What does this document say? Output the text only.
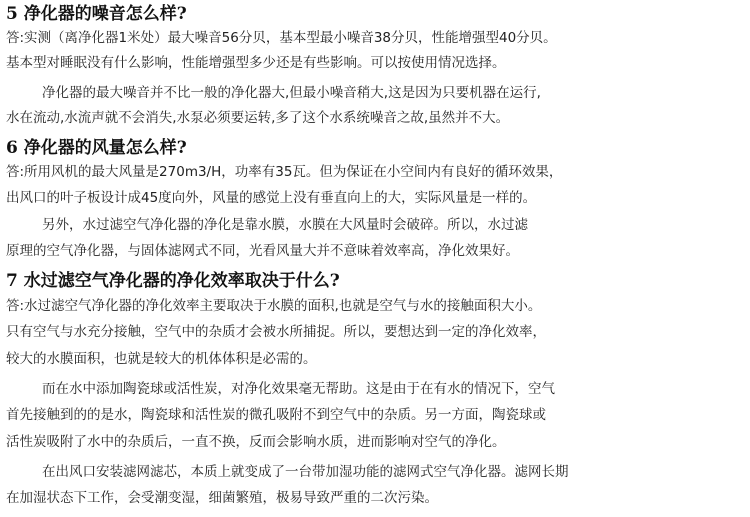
5 净化器的噪音怎么样?
答:实测（离净化器1米处）最大噪音56分贝，基本型最小噪音38分贝，性能增强型40分贝。
基本型对睡眠没有什么影响，性能增强型多少还是有些影响。可以按使用情况选择。
净化器的最大噪音并不比一般的净化器大,但最小噪音稍大,这是因为只要机器在运行,
水在流动,水流声就不会消失,水泵必须要运转,多了这个水系统噪音之故,虽然并不大。
6 净化器的风量怎么样?
答:所用风机的最大风量是270m3/H，功率有35瓦。但为保证在小空间内有良好的循环效果，
出风口的叶子板设计成45度向外，风量的感觉上没有垂直向上的大，实际风量是一样的。
另外，水过滤空气净化器的净化是靠水膜，水膜在大风量时会破碎。所以，水过滤
原理的空气净化器，与固体滤网式不同，光看风量大并不意味着效率高，净化效果好。
7 水过滤空气净化器的净化效率取决于什么?
答:水过滤空气净化器的净化效率主要取决于水膜的面积,也就是空气与水的接触面积大小。
只有空气与水充分接触，空气中的杂质才会被水所捕捉。所以，要想达到一定的净化效率，
较大的水膜面积，也就是较大的机体体积是必需的。
而在水中添加陶瓷球或活性炭，对净化效果毫无帮助。这是由于在有水的情况下，空气
首先接触到的的是水，陶瓷球和活性炭的微孔吸附不到空气中的杂质。另一方面，陶瓷球或
活性炭吸附了水中的杂质后，一直不换，反而会影响水质，进而影响对空气的净化。
在出风口安装滤网滤芯，本质上就变成了一台带加湿功能的滤网式空气净化器。滤网长期
在加湿状态下工作，会受潮变湿，细菌繁殖，极易导致严重的二次污染。
